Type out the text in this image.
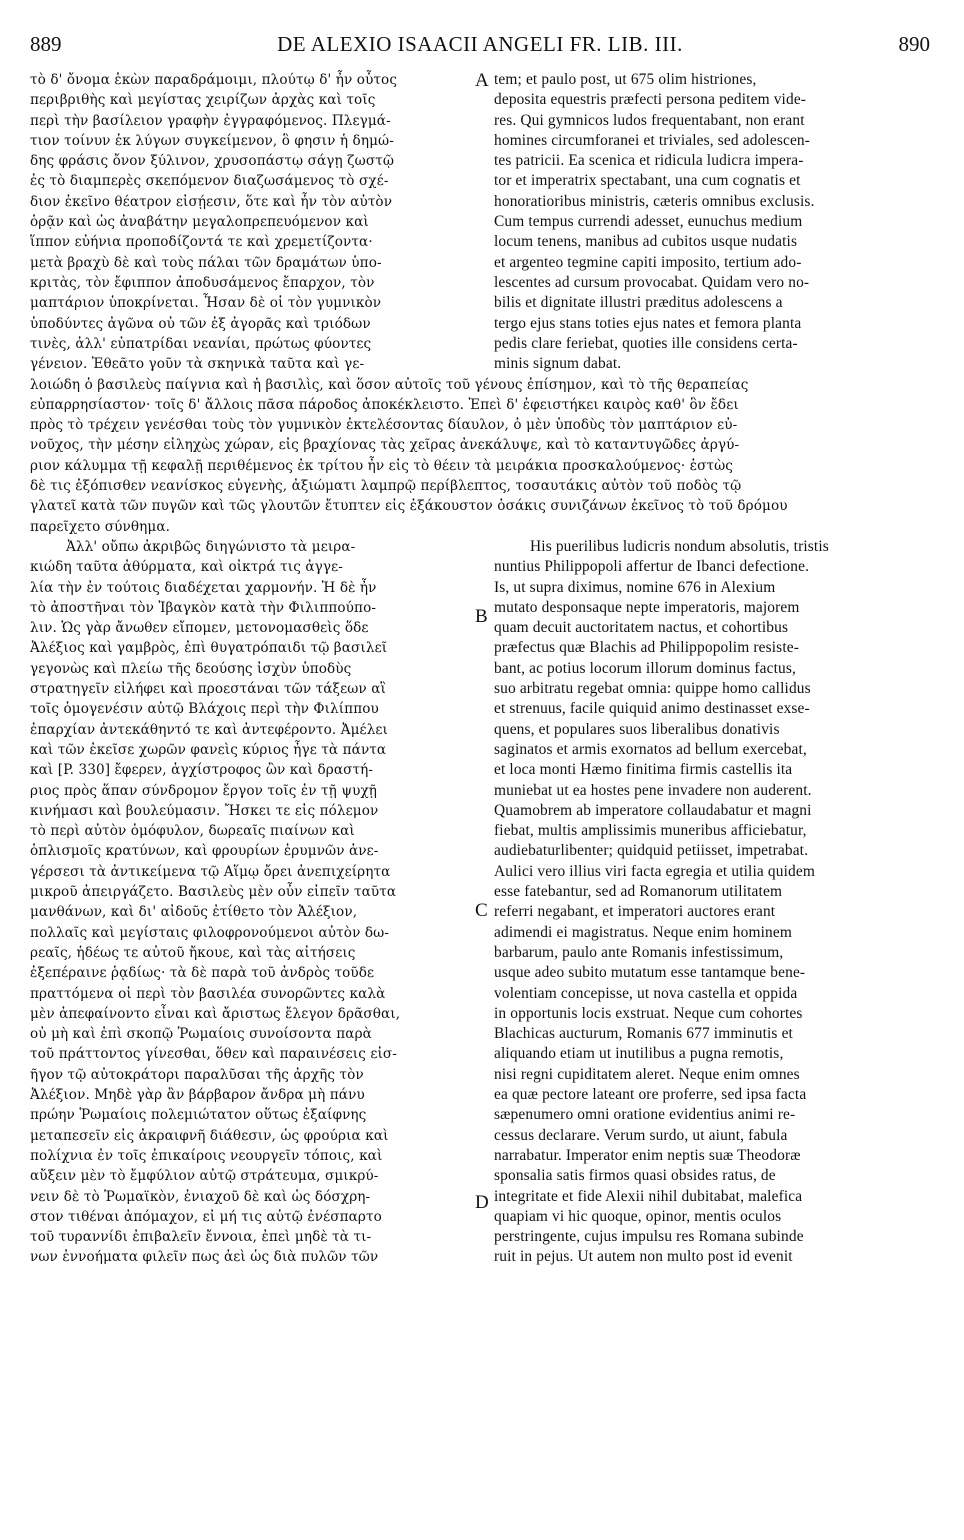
889	DE ALEXIO ISAACII ANGELI FR. LIB. III.	890
τὸ δ' ὄνομα ἑκὼν παραδράμοιμι, πλούτῳ δ' ἦν οὗτος
περιβριθὴς καὶ μεγίστας χειρίζων ἀρχὰς καὶ τοῖς
περὶ τὴν βασίλειον γραφὴν ἐγγραφόμενος. Πλεγμά-
τιον τοίνυν ἐκ λύγων συγκείμενον, ὃ φησιν ἡ δημώ-
δης φράσις ὄνον ξύλινον, χρυσοπάστῳ σάγῃ ζωστῷ
ἐς τὸ διαμπερὲς σκεπόμενον διαζωσάμενος τὸ σχέ-
διον ἐκεῖνο θέατρον εἰσῄεσιν, ὅτε καὶ ἦν τὸν αὐτὸν
ὁρᾷν καὶ ὡς ἀναβάτην μεγαλοπρεπευόμενον καὶ
ἵππον εὐήνια προποδίζοντά τε καὶ χρεμετίζοντα·
μετὰ βραχὺ δὲ καὶ τοὺς πάλαι τῶν δραμάτων ὑπο-
κριτὰς, τὸν ἔφιππον ἀποδυσάμενος ἔπαρχον, τὸν
μαπτάριον ὑποκρίνεται. Ἦσαν δὲ οἱ τὸν γυμνικὸν
ὑποδύντες ἀγῶνα οὐ τῶν ἐξ ἀγορᾶς καὶ τριόδων
τινὲς, ἀλλ' εὐπατρίδαι νεανίαι, πρώτως φύοντες
γένειον. Ἐθεᾶτο γοῦν τὰ σκηνικὰ ταῦτα καὶ γε-
tem; et paulo post, ut 675 olim histriones,
deposita equestris præfecti persona peditem vide-
res. Qui gymnicos ludos frequentabant, non erant
homines circumforanei et triviales, sed adolescen-
tes patricii. Ea scenica et ridicula ludicra impera-
tor et imperatrix spectabant, una cum cognatis et
honoratioribus ministris, cæteris omnibus exclusis.
Cum tempus currendi adesset, eunuchus medium
locum tenens, manibus ad cubitos usque nudatis
et argenteo tegmine capiti imposito, tertium ado-
lescentes ad cursum provocabat. Quidam vero no-
bilis et dignitate illustri præditus adolescens a
tergo ejus stans toties ejus nates et femora planta
pedis clare feriebat, quoties ille considens certa-
minis signum dabat.
λοιώδη ὁ βασιλεὺς παίγνια καὶ ἡ βασιλὶς, καὶ ὅσον αὐτοῖς τοῦ γένους ἐπίσημον, καὶ τὸ τῆς θεραπείας
εὐπαρρησίαστον· τοῖς δ' ἄλλοις πᾶσα πάροδος ἀποκέκλειστο. Ἐπεὶ δ' ἐφειστήκει καιρὸς καθ' ὃν ἔδει
πρὸς τὸ τρέχειν γενέσθαι τοὺς τὸν γυμνικὸν ἐκτελέσοντας δίαυλον, ὁ μὲν ὑποδὺς τὸν μαπτάριον εὐ-
νοῦχος, τὴν μέσην εἰληχὼς χώραν, εἰς βραχίονας τὰς χεῖρας ἀνεκάλυψε, καὶ τὸ καταντυγῶδες ἀργύ-
ριον κάλυμμα τῇ κεφαλῇ περιθέμενος ἐκ τρίτου ἦν εἰς τὸ θέειν τὰ μειράκια προσκαλούμενος· ἑστὼς
δὲ τις ἐξόπισθεν νεανίσκος εὐγενὴς, ἀξιώματι λαμπρῷ περίβλεπτος, τοσαυτάκις αὐτὸν τοῦ ποδὸς τῷ
γλατεῖ κατὰ τῶν πυγῶν καὶ τῶς γλουτῶν ἔτυπτεν εἰς ἐξάκουστον ὁσάκις συνιζάνων ἐκεῖνος τὸ τοῦ δρόμου
παρεῖχετο σύνθημα.
Ἀλλ' οὔπω ἀκριβῶς διηγώνιστο τὰ μειρα-
κιώδη ταῦτα ἀθύρματα, καὶ οἰκτρά τις ἀγγε-
λία τὴν ἐν τούτοις διαδέχεται χαρμονήν. Ἡ δὲ ἦν
τὸ ἀποστῆναι τὸν Ἰβαγκὸν κατὰ τὴν Φιλιππούπο-
λιν. Ὡς γὰρ ἄνωθεν εἴπομεν, μετονομασθεὶς ὅδε
Ἀλέξιος καὶ γαμβρὸς, ἐπὶ θυγατρόπαιδι τῷ βασιλεῖ
γεγονὼς καὶ πλείω τῆς δεούσης ἰσχὺν ὑποδὺς
στρατηγεῖν εἰλήφει καὶ προεστάναι τῶν τάξεων αἳ
τοῖς ὁμογενέσιν αὐτῷ Βλάχοις περὶ τὴν Φιλίππου
ἐπαρχίαν ἀντεκάθηντό τε καὶ ἀντεφέροντο. Ἀμέλει
καὶ τῶν ἐκεῖσε χωρῶν φανεὶς κύριος ἦγε τὰ πάντα
καὶ [P. 330] ἔφερεν, ἀγχίστροφος ὢν καὶ δραστή-
ριος πρὸς ἅπαν σύνδρομον ἔργον τοῖς ἐν τῇ ψυχῇ
κινήμασι καὶ βουλεύμασιν. Ἤσκει τε εἰς πόλεμον
τὸ περὶ αὐτὸν ὁμόφυλον, δωρεαῖς πιαίνων καὶ
ὁπλισμοῖς κρατύνων, καὶ φρουρίων ἐρυμνῶν ἀνε-
γέρσεσι τὰ ἀντικείμενα τῷ Αἵμῳ ὄρει ἀνεπιχείρητα
μικροῦ ἀπειργάζετο. Βασιλεὺς μὲν οὖν εἰπεῖν ταῦτα
μανθάνων, καὶ δι' αἰδοῦς ἐτίθετο τὸν Ἀλέξιον,
πολλαῖς καὶ μεγίσταις φιλοφρονούμενοι αὐτὸν δω-
ρεαῖς, ἡδέως τε αὐτοῦ ἤκουε, καὶ τὰς αἰτήσεις
ἐξεπέραινε ῥᾳδίως· τὰ δὲ παρὰ τοῦ ἀνδρὸς τοῦδε
πραττόμενα οἱ περὶ τὸν βασιλέα συνορῶντες καλὰ
μὲν ἀπεφαίνοντο εἶναι καὶ ἄριστως ἔλεγον δρᾶσθαι,
οὐ μὴ καὶ ἐπὶ σκοπῷ Ῥωμαίοις συνοίσοντα παρὰ
τοῦ πράττοντος γίνεσθαι, ὅθεν καὶ παραινέσεις εἰσ-
ῆγον τῷ αὐτοκράτορι παραλῦσαι τῆς ἀρχῆς τὸν
Ἀλέξιον. Μηδὲ γὰρ ἂν βάρβαρον ἄνδρα μὴ πάνυ
πρώην Ῥωμαίοις πολεμιώτατον οὕτως ἐξαίφνης
μεταπεσεῖν εἰς ἀκραιφνῆ διάθεσιν, ὡς φρούρια καὶ
πολίχνια ἐν τοῖς ἐπικαίροις νεουργεῖν τόποις, καὶ
αὔξειν μὲν τὸ ἔμφύλιον αὐτῷ στράτευμα, σμικρύ-
νειν δὲ τὸ Ῥωμαϊκὸν, ἐνιαχοῦ δὲ καὶ ὡς δόσχρη-
στον τιθέναι ἀπόμαχον, εἰ μή τις αὐτῷ ἐνέσπαρτο
τοῦ τυραννίδι ἐπιβαλεῖν ἔννοια, ἐπεὶ μηδὲ τὰ τι-
νων ἐννοήματα φιλεῖν πως ἀεὶ ὡς διὰ πυλῶν τῶν
His puerilibus ludicris nondum absolutis, tristis
nuntius Philippopoli affertur de Ibanci defectione.
Is, ut supra diximus, nomine 676 in Alexium
mutato desponsaque nepte imperatoris, majorem
quam decuit auctoritatem nactus, et cohortibus
præfectus quæ Blachis ad Philippopolim resiste-
bant, ac potius locorum illorum dominus factus,
suo arbitratu regebat omnia: quippe homo callidus
et strenuus, facile quiquid animo destinasset exse-
quens, et populares suos liberalibus donativis
saginatos et armis exornatos ad bellum exercebat,
et loca monti Hæmo finitima firmis castellis ita
muniebat ut ea hostes pene invadere non auderent.
Quamobrem ab imperatore collaudabatur et magni
fiebat, multis amplissimis muneribus afficiebatur,
audiebaturlibenter; quidquid petiisset, impetrabat.
Aulici vero illius viri facta egregia et utilia quidem
esse fatebantur, sed ad Romanorum utilitatem
referri negabant, et imperatori auctores erant
adimendi ei magistratus. Neque enim hominem
barbarum, paulo ante Romanis infestissimum,
usque adeo subito mutatum esse tantamque bene-
volentiam concepisse, ut nova castella et oppida
in opportunis locis exstruat. Neque cum cohortes
Blachicas aucturum, Romanis 677 imminutis et
aliquando etiam ut inutilibus a pugna remotis,
nisi regni cupiditatem aleret. Neque enim omnes
ea quæ pectore lateant ore proferre, sed ipsa facta
sæpenumero omni oratione evidentius animi re-
cessus declarare. Verum surdo, ut aiunt, fabula
narrabatur. Imperator enim neptis suæ Theodoræ
sponsalia satis firmos quasi obsides ratus, de
integritate et fide Alexii nihil dubitabat, malefica
quapiam vi hic quoque, opinor, mentis oculos
perstringente, cujus impulsu res Romana subinde
ruit in pejus. Ut autem non multo post id evenit
A
B
C
D
